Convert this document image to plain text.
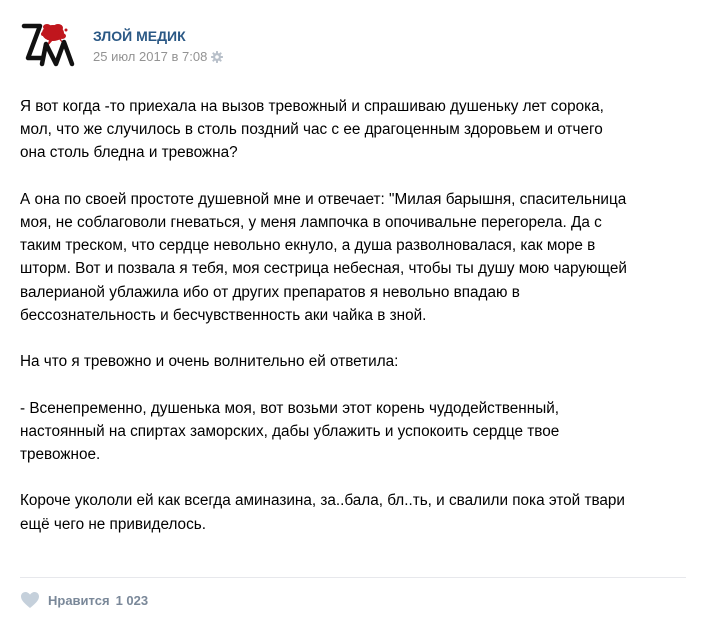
ЗЛОЙ МЕДИК
25 июл 2017 в 7:08

Я вот когда -то приехала на вызов тревожный и спрашиваю душеньку лет сорока,
мол, что же случилось в столь поздний час с ее драгоценным здоровьем и отчего
она столь бледна и тревожна?

А она по своей простоте душевной мне и отвечает: "Милая барышня, спасительница
моя, не соблаговоли гневаться, у меня лампочка в опочивальне перегорела. Да с
таким треском, что сердце невольно екнуло, а душа разволновалася, как море в
шторм. Вот и позвала я тебя, моя сестрица небесная, чтобы ты душу мою чарующей
валерианой ублажила ибо от других препаратов я невольно впадаю в
бессознательность и бесчувственность аки чайка в зной.

На что я тревожно и очень волнительно ей ответила:

- Всенепременно, душенька моя, вот возьми этот корень чудодейственный,
настоянный на спиртах заморских, дабы ублажить и успокоить сердце твое
тревожное.

Короче укололи ей как всегда аминазина, за..бала, бл..ть, и свалили пока этой твари
ещё чего не привиделось.

Нравится 1 023
